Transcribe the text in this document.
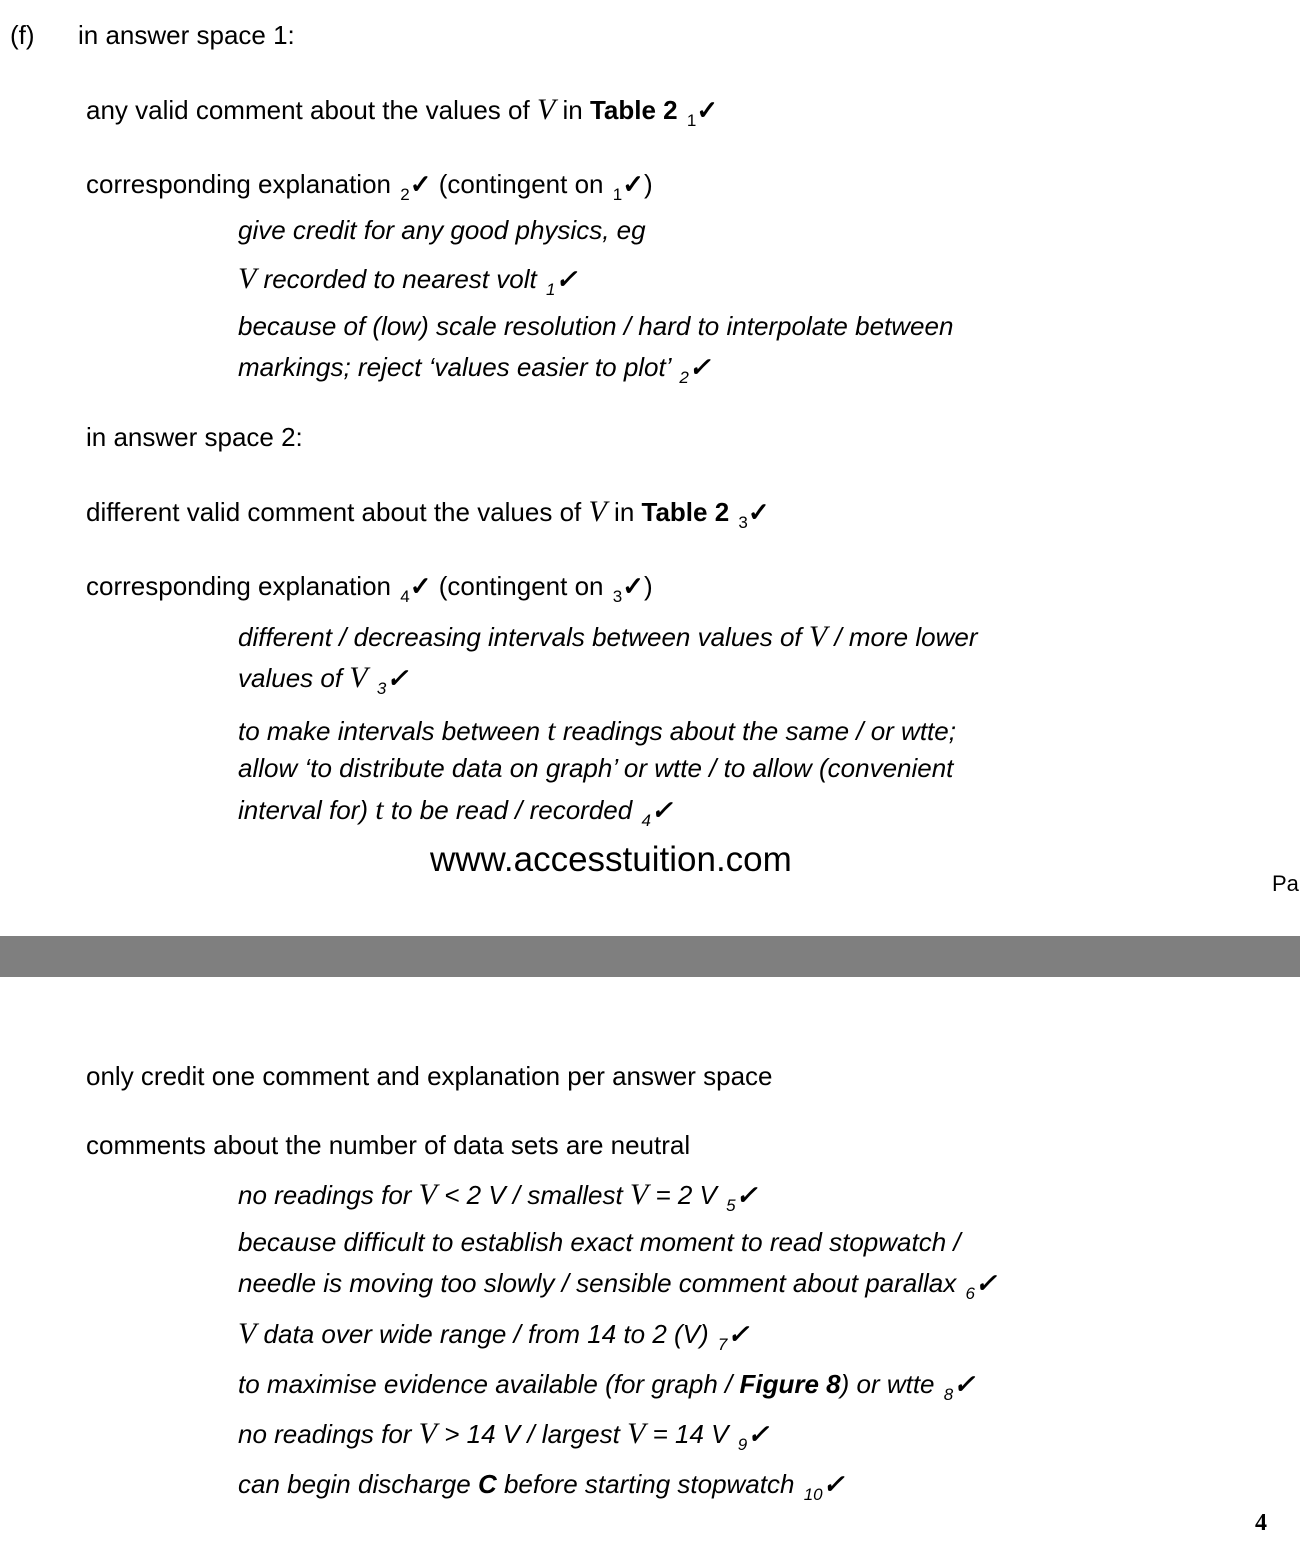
(f) in answer space 1:
any valid comment about the values of V in Table 2 $_1$✓
corresponding explanation $_2$✓ (contingent on $_1$✓)
give credit for any good physics, eg
V recorded to nearest volt $_1$✓
because of (low) scale resolution / hard to interpolate between
markings; reject ‘values easier to plot’ $_2$✓
in answer space 2:
different valid comment about the values of V in Table 2 $_3$✓
corresponding explanation $_4$✓ (contingent on $_3$✓)
different / decreasing intervals between values of V / more lower
values of V $_3$✓
to make intervals between t readings about the same / or wtte;
allow ‘to distribute data on graph’ or wtte / to allow (convenient
interval for) t to be read / recorded $_4$✓
www.accesstuition.com
Pa
only credit one comment and explanation per answer space
comments about the number of data sets are neutral
no readings for V < 2 V / smallest V = 2 V $_5$✓
because difficult to establish exact moment to read stopwatch /
needle is moving too slowly / sensible comment about parallax $_6$✓
V data over wide range / from 14 to 2 (V) $_7$✓
to maximise evidence available (for graph / Figure 8) or wtte $_8$✓
no readings for V > 14 V / largest V = 14 V $_9$✓
can begin discharge C before starting stopwatch $_{10}$✓
4
